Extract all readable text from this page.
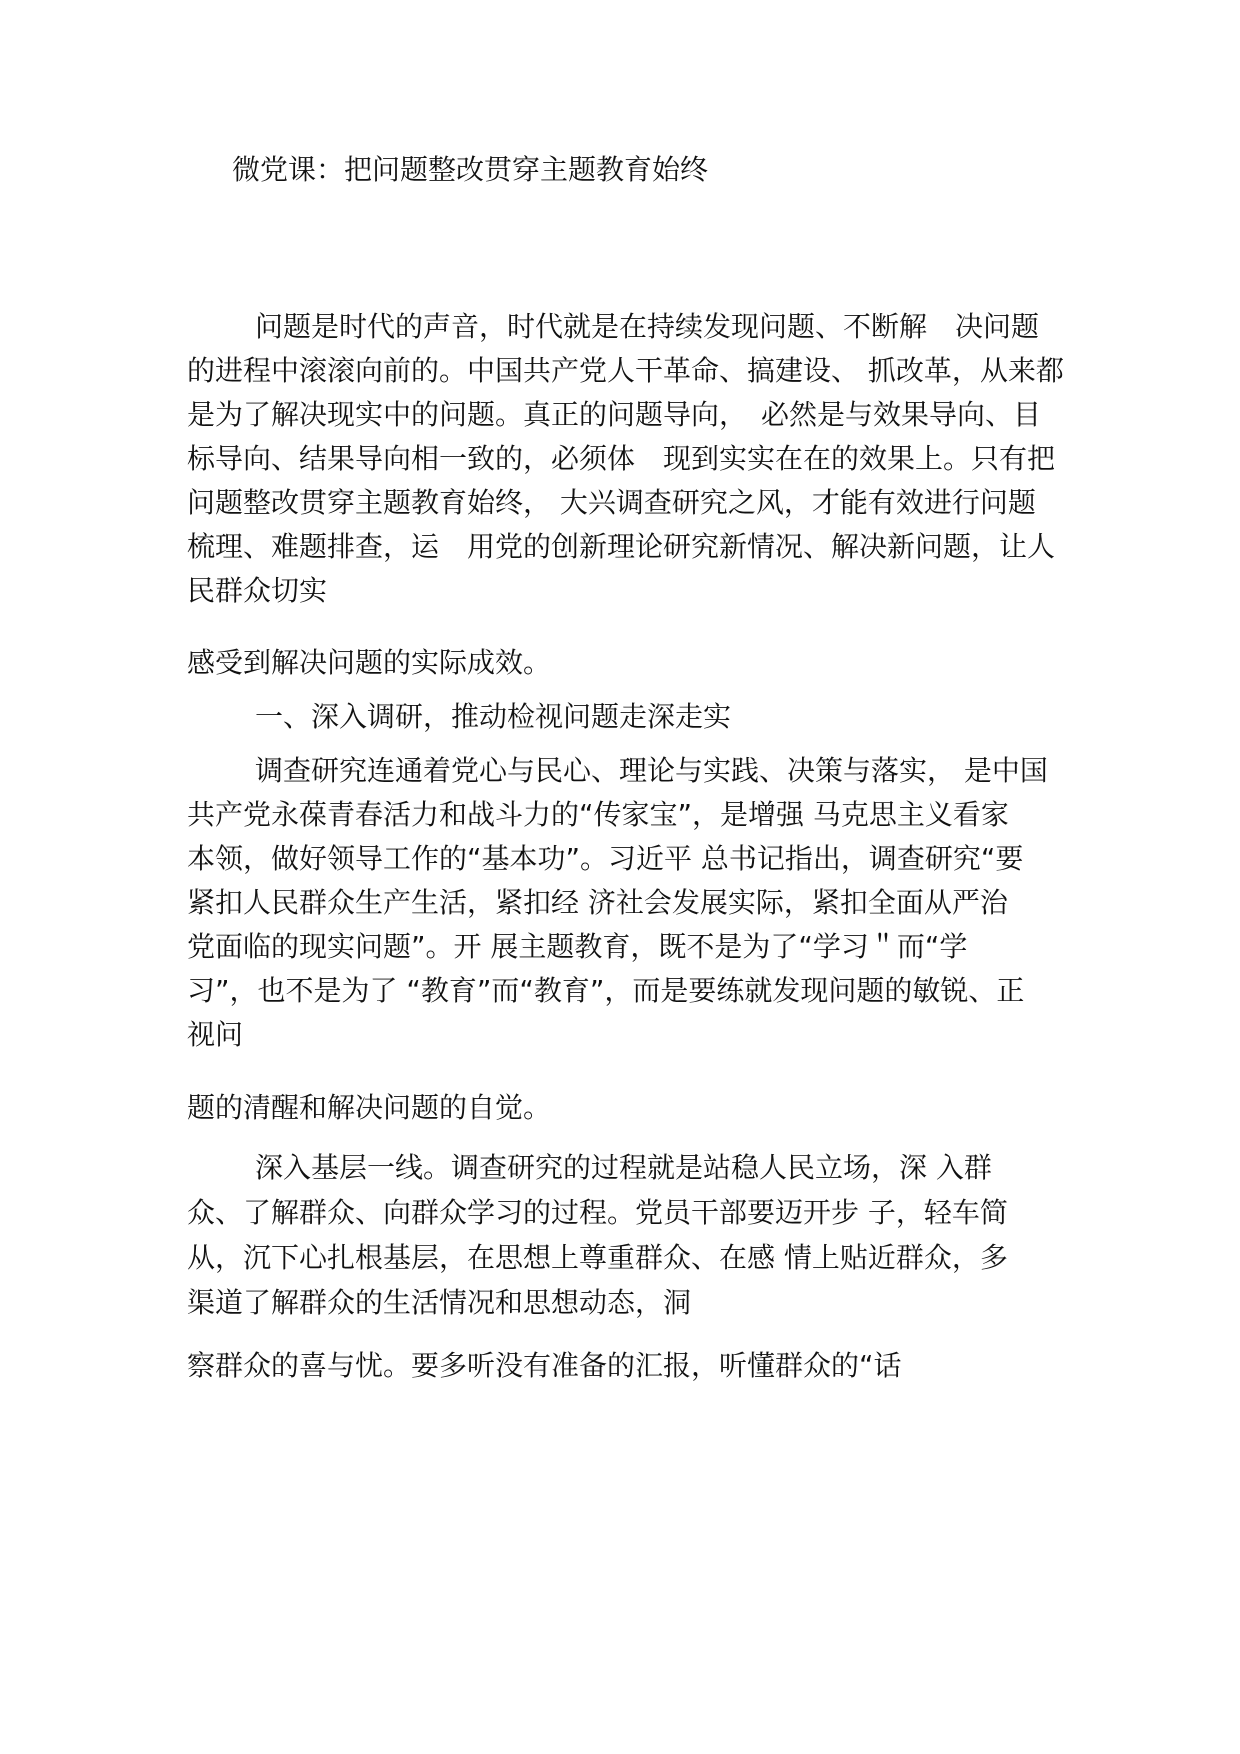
微党课：把问题整改贯穿主题教育始终
问题是时代的声音，时代就是在持续发现问题、不断解　决问题
的进程中滚滚向前的。中国共产党人干革命、搞建设、 抓改革，从来都
是为了解决现实中的问题。真正的问题导向，　必然是与效果导向、目
标导向、结果导向相一致的，必须体　现到实实在在的效果上。只有把
问题整改贯穿主题教育始终， 大兴调查研究之风，才能有效进行问题
梳理、难题排查，运　用党的创新理论研究新情况、解决新问题，让人
民群众切实
感受到解决问题的实际成效。
一、深入调研，推动检视问题走深走实
调查研究连通着党心与民心、理论与实践、决策与落实， 是中国
共产党永葆青春活力和战斗力的“传家宝”，是增强 马克思主义看家
本领，做好领导工作的“基本功”。习近平 总书记指出，调查研究“要
紧扣人民群众生产生活，紧扣经 济社会发展实际，紧扣全面从严治
党面临的现实问题”。开 展主题教育，既不是为了“学习＂而“学
习”，也不是为了 “教育”而“教育”，而是要练就发现问题的敏锐、正
视问
题的清醒和解决问题的自觉。
深入基层一线。调查研究的过程就是站稳人民立场，深 入群
众、了解群众、向群众学习的过程。党员干部要迈开步 子，轻车简
从，沉下心扎根基层，在思想上尊重群众、在感 情上贴近群众，多
渠道了解群众的生活情况和思想动态，洞
察群众的喜与忧。要多听没有准备的汇报，听懂群众的“话
